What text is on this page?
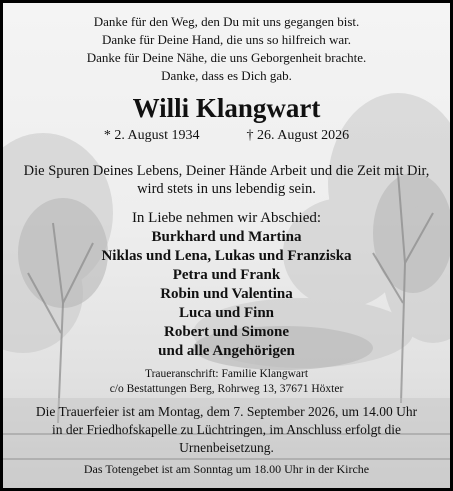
Danke für den Weg, den Du mit uns gegangen bist.
Danke für Deine Hand, die uns so hilfreich war.
Danke für Deine Nähe, die uns Geborgenheit brachte.
Danke, dass es Dich gab.
Willi Klangwart
* 2. August 1934	† 26. August 2026
Die Spuren Deines Lebens, Deiner Hände Arbeit und die Zeit mit Dir,
wird stets in uns lebendig sein.
In Liebe nehmen wir Abschied:
Burkhard und Martina
Niklas und Lena, Lukas und Franziska
Petra und Frank
Robin und Valentina
Luca und Finn
Robert und Simone
und alle Angehörigen
Traueranschrift: Familie Klangwart
c/o Bestattungen Berg, Rohrweg 13, 37671 Höxter
Die Trauerfeier ist am Montag, dem 7. September 2026, um 14.00 Uhr
in der Friedhofskapelle zu Lüchtringen, im Anschluss erfolgt die
Urnenbeisetzung.
Das Totengebet ist am Sonntag um 18.00 Uhr in der Kirche
